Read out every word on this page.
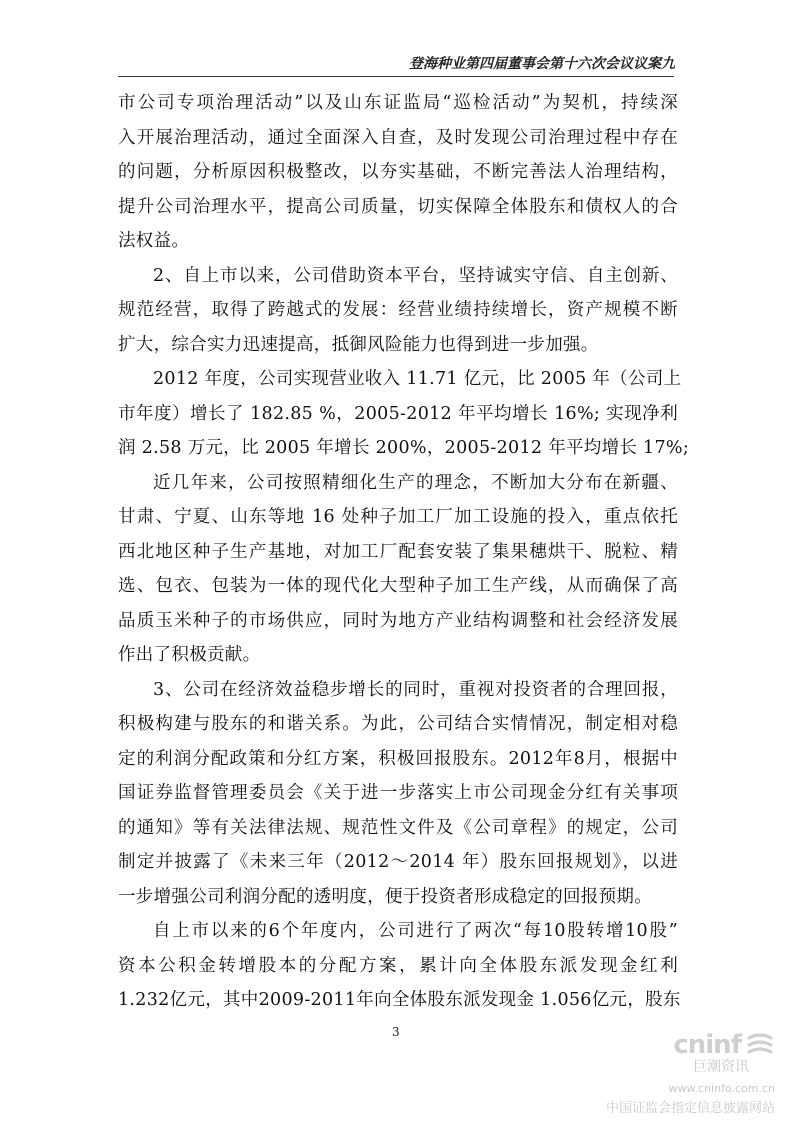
登海种业第四届董事会第十六次会议议案九
市公司专项治理活动”以及山东证监局“巡检活动”为契机，持续深
入开展治理活动，通过全面深入自查，及时发现公司治理过程中存在
的问题，分析原因积极整改，以夯实基础，不断完善法人治理结构，
提升公司治理水平，提高公司质量，切实保障全体股东和债权人的合
法权益。
2、自上市以来，公司借助资本平台，坚持诚实守信、自主创新、
规范经营，取得了跨越式的发展：经营业绩持续增长，资产规模不断
扩大，综合实力迅速提高，抵御风险能力也得到进一步加强。
2012 年度，公司实现营业收入 11.71 亿元，比 2005 年（公司上
市年度）增长了 182.85 %，2005-2012 年平均增长 16%; 实现净利
润 2.58 万元，比 2005 年增长 200%，2005-2012 年平均增长 17%;
近几年来，公司按照精细化生产的理念，不断加大分布在新疆、
甘肃、宁夏、山东等地 16 处种子加工厂加工设施的投入，重点依托
西北地区种子生产基地，对加工厂配套安装了集果穗烘干、脱粒、精
选、包衣、包装为一体的现代化大型种子加工生产线，从而确保了高
品质玉米种子的市场供应，同时为地方产业结构调整和社会经济发展
作出了积极贡献。
3、公司在经济效益稳步增长的同时，重视对投资者的合理回报，
积极构建与股东的和谐关系。为此，公司结合实情情况，制定相对稳
定的利润分配政策和分红方案，积极回报股东。2012年8月，根据中
国证券监督管理委员会《关于进一步落实上市公司现金分红有关事项
的通知》等有关法律法规、规范性文件及《公司章程》的规定，公司
制定并披露了《未来三年（2012～2014 年）股东回报规划》，以进
一步增强公司利润分配的透明度，便于投资者形成稳定的回报预期。
自上市以来的6个年度内，公司进行了两次“每10股转增10股”
资本公积金转增股本的分配方案，累计向全体股东派发现金红利
1.232亿元，其中2009-2011年向全体股东派发现金 1.056亿元，股东
3	cninf
巨潮资讯
www.cninfo.com.cn
中国证监会指定信息披露网站
